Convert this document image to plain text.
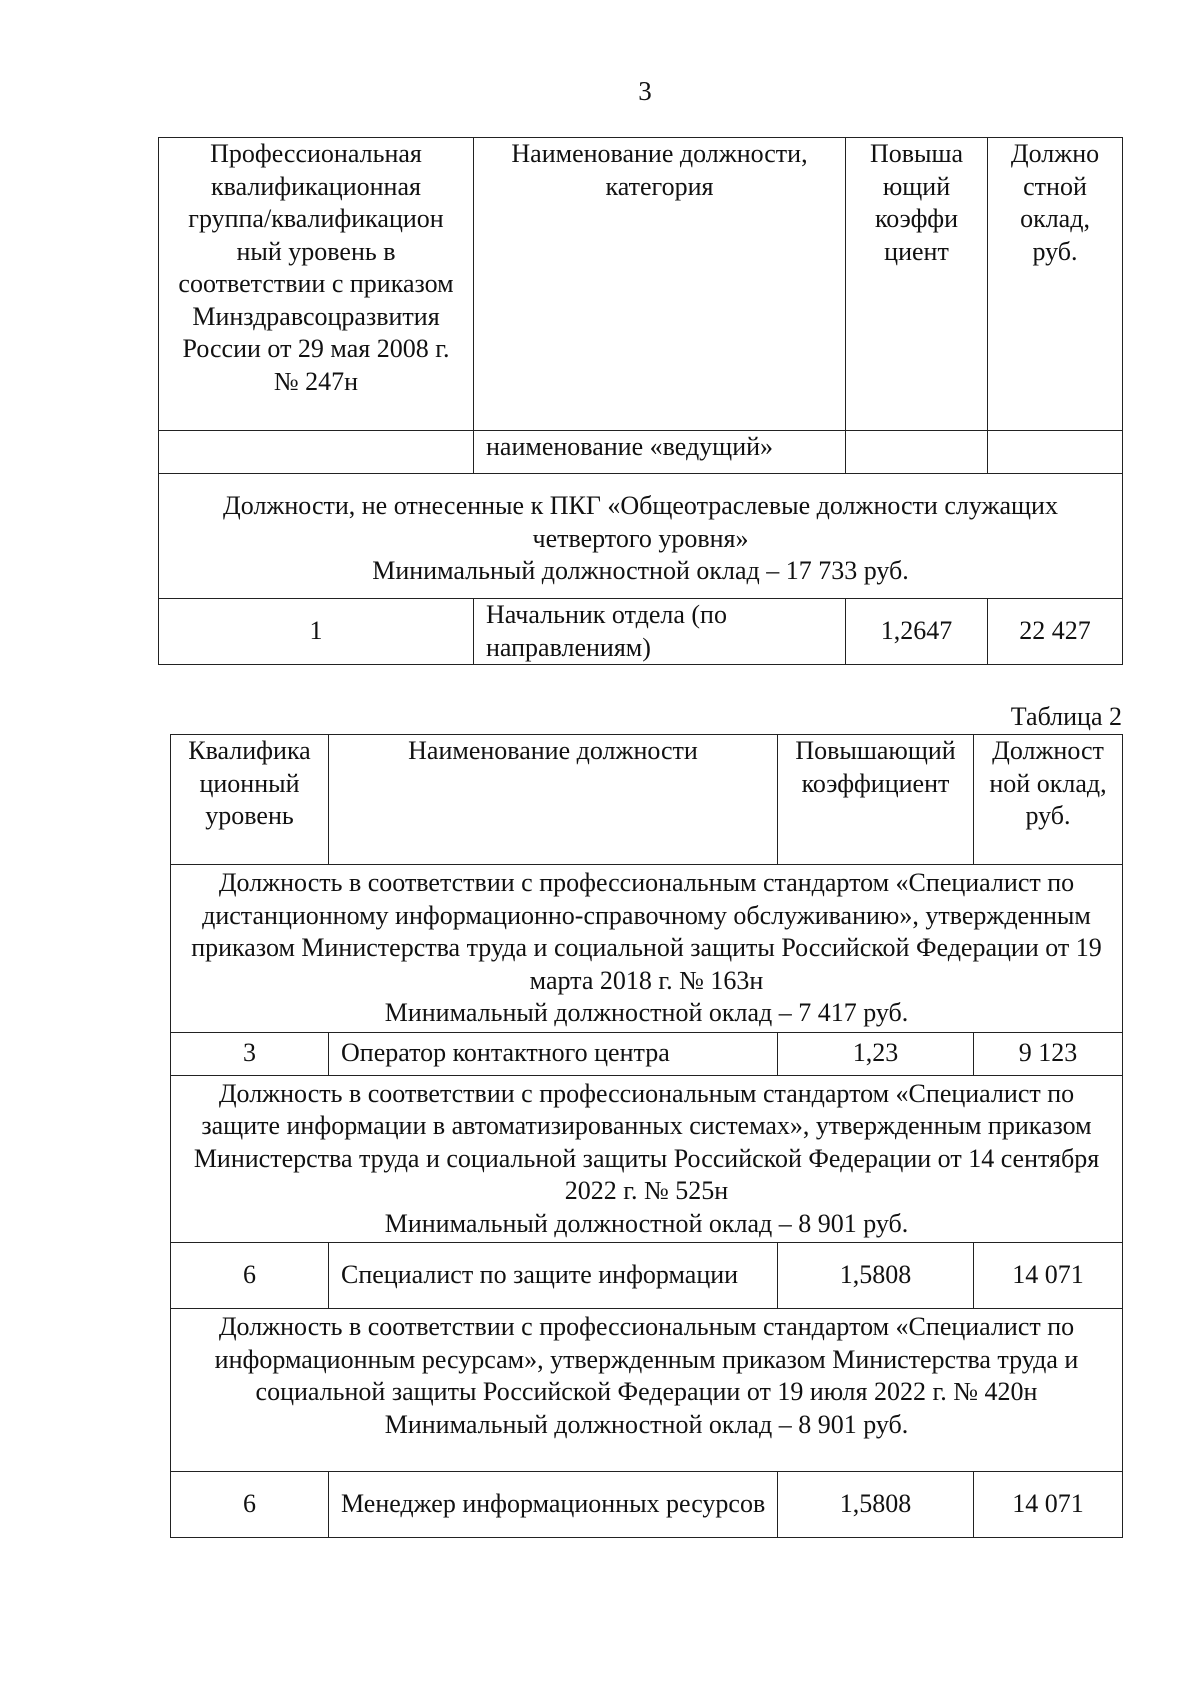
3
Профессиональная квалификационная группа/квалификацион ный уровень в соответствии с приказом Минздравсоцразвития России от 29 мая 2008 г. № 247н	Наименование должности, категория	Повыша ющий коэффи циент	Должно стной оклад, руб.
	наименование «ведущий»		

Должности, не отнесенные к ПКГ «Общеотраслевые должности служащих четвертого уровня»
Минимальный должностной оклад – 17 733 руб.			

1	Начальник отдела (по направлениям)	1,2647	22 427
Таблица 2
Квалифика ционный уровень	Наименование должности	Повышающий коэффициент	Должност ной оклад, руб.

Должность в соответствии с профессиональным стандартом «Специалист по дистанционному информационно-справочному обслуживанию», утвержденным приказом Министерства труда и социальной защиты Российской Федерации от 19 марта 2018 г. № 163н
Минимальный должностной оклад – 7 417 руб.			

3	Оператор контактного центра	1,23	9 123

Должность в соответствии с профессиональным стандартом «Специалист по защите информации в автоматизированных системах», утвержденным приказом Министерства труда и социальной защиты Российской Федерации от 14 сентября 2022 г. № 525н
Минимальный должностной оклад – 8 901 руб.			

6	Специалист по защите информации	1,5808	14 071

Должность в соответствии с профессиональным стандартом «Специалист по информационным ресурсам», утвержденным приказом Министерства труда и социальной защиты Российской Федерации от 19 июля 2022 г. № 420н
Минимальный должностной оклад – 8 901 руб.			

6	Менеджер информационных ресурсов	1,5808	14 071
